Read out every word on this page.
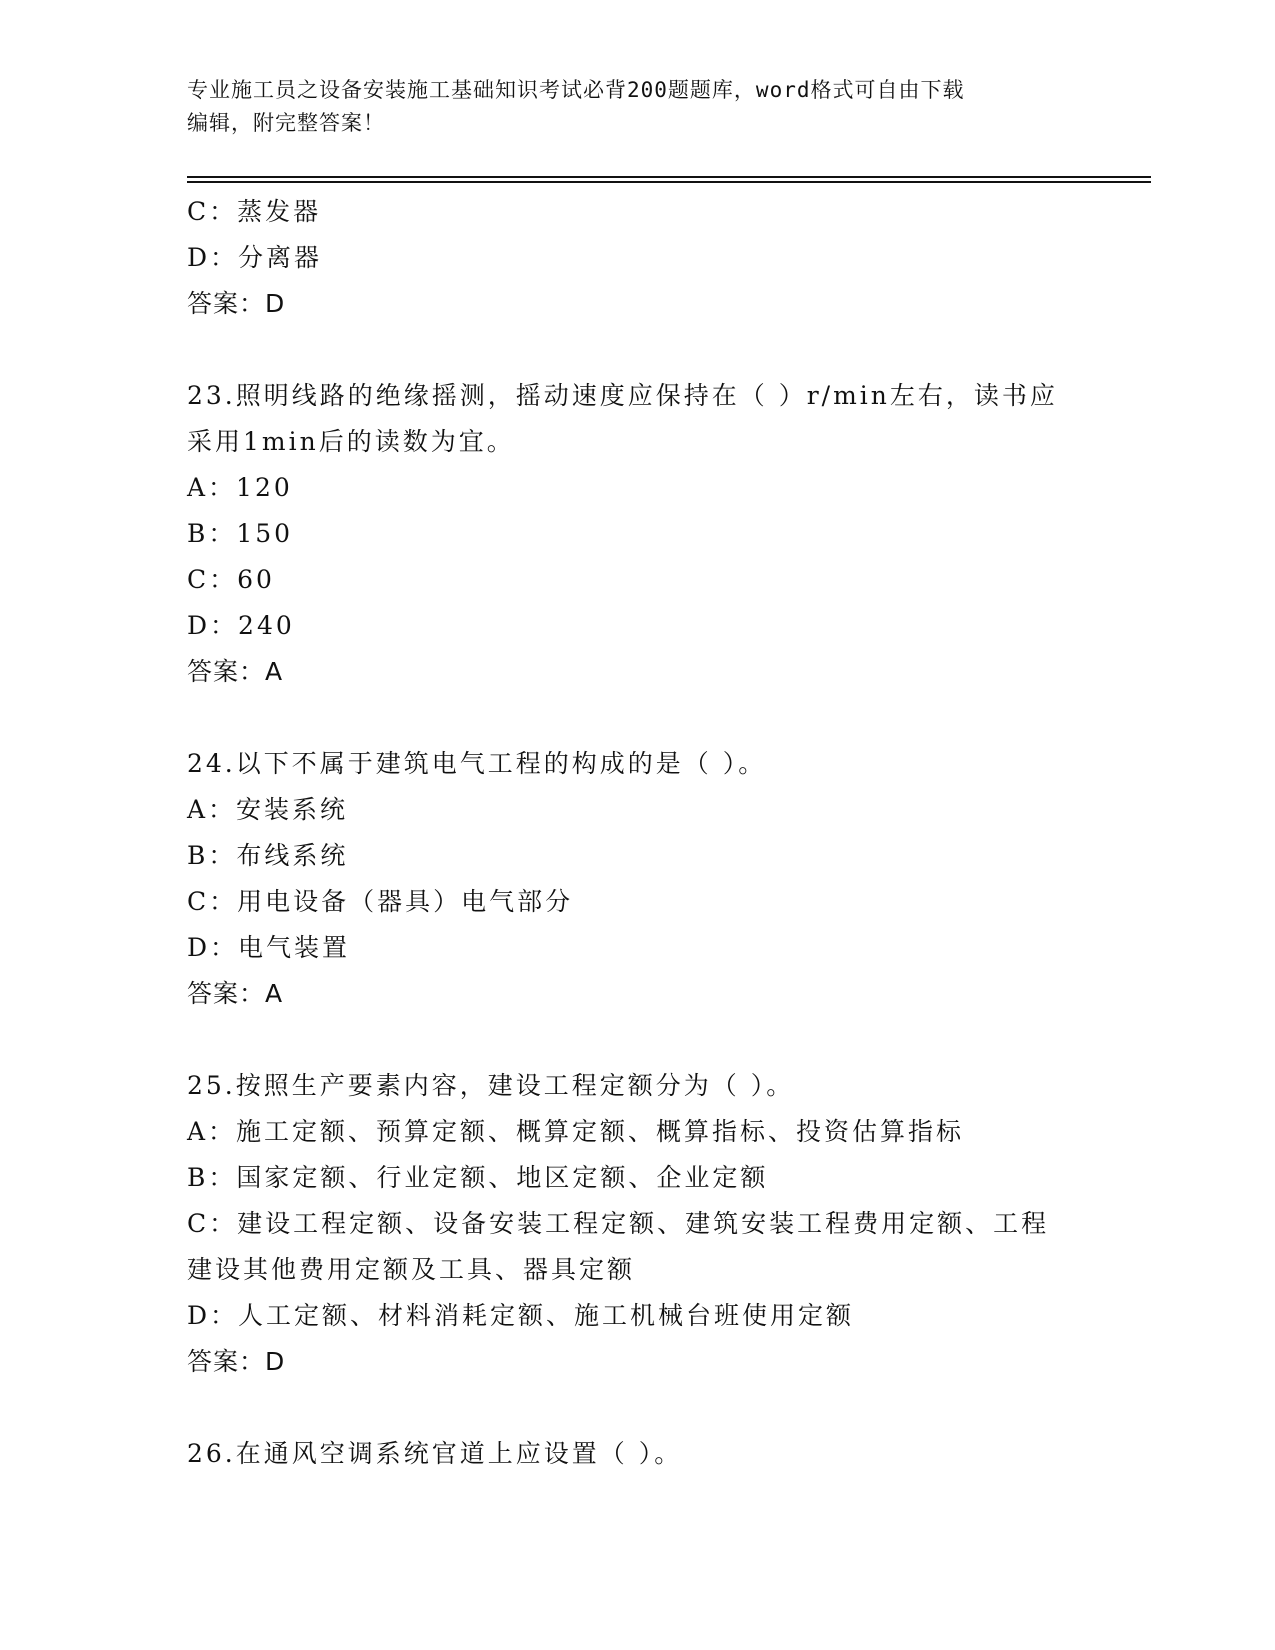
专业施工员之设备安装施工基础知识考试必背200题题库，word格式可自由下载
编辑，附完整答案！
C：蒸发器
D：分离器
答案：D
23.照明线路的绝缘摇测，摇动速度应保持在（ ）r/min左右，读书应
采用1min后的读数为宜。
A：120
B：150
C：60
D：240
答案：A
24.以下不属于建筑电气工程的构成的是（ ）。
A：安装系统
B：布线系统
C：用电设备（器具）电气部分
D：电气装置
答案：A
25.按照生产要素内容，建设工程定额分为（ ）。
A：施工定额、预算定额、概算定额、概算指标、投资估算指标
B：国家定额、行业定额、地区定额、企业定额
C：建设工程定额、设备安装工程定额、建筑安装工程费用定额、工程
建设其他费用定额及工具、器具定额
D：人工定额、材料消耗定额、施工机械台班使用定额
答案：D
26.在通风空调系统官道上应设置（ ）。
